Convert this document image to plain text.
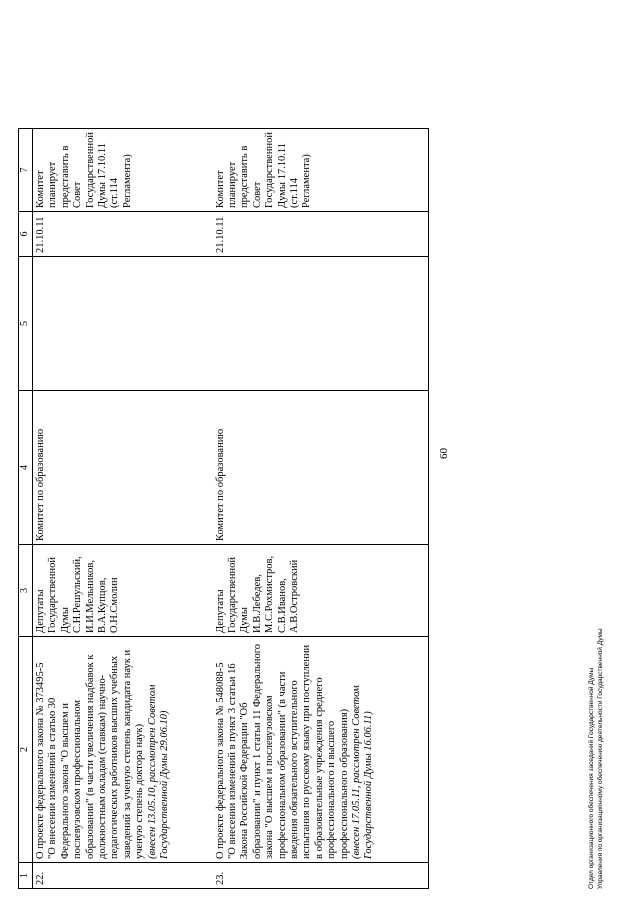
60
1	2	3	4	5	6	7
22.	О проекте федерального закона № 373495-5 "О внесении изменений в статью 30 Федерального закона "О высшем и послевузовском профессиональном образовании" (в части увеличения надбавок к должностным окладам (ставкам) научно-педагогических работников высших учебных заведений за ученую степень кандидата наук и ученую степень доктора наук) (внесен 13.05.10, рассмотрен Советом Государственной Думы 29.06.10)	Депутаты Государственной Думы С.Н.Решульский, И.И.Мельников, В.А.Купцов, О.Н.Смолин	Комитет по образованию		21.10.11	Комитет планирует представить в Совет Государственной Думы 17.10.11 (ст.114 Регламента)
23.	О проекте федерального закона № 548088-5 "О внесении изменений в пункт 3 статьи 16 Закона Российской Федерации "Об образовании" и пункт 1 статьи 11 Федерального закона "О высшем и послевузовском профессиональном образовании" (в части введения обязательного вступительного испытания по русскому языку при поступлении в образовательные учреждения среднего профессионального и высшего профессионального образования) (внесен 17.05.11, рассмотрен Советом Государственной Думы 16.06.11)	Депутаты Государственной Думы И.В.Лебедев, М.С.Рохмистров, С.В.Иванов, А.В.Островский	Комитет по образованию		21.10.11	Комитет планирует представить в Совет Государственной Думы 17.10.11 (ст.114 Регламента)
Отдел организационного обеспечения заседаний Государственной Думы Управления по организационному обеспечению деятельности Государственной Думы
